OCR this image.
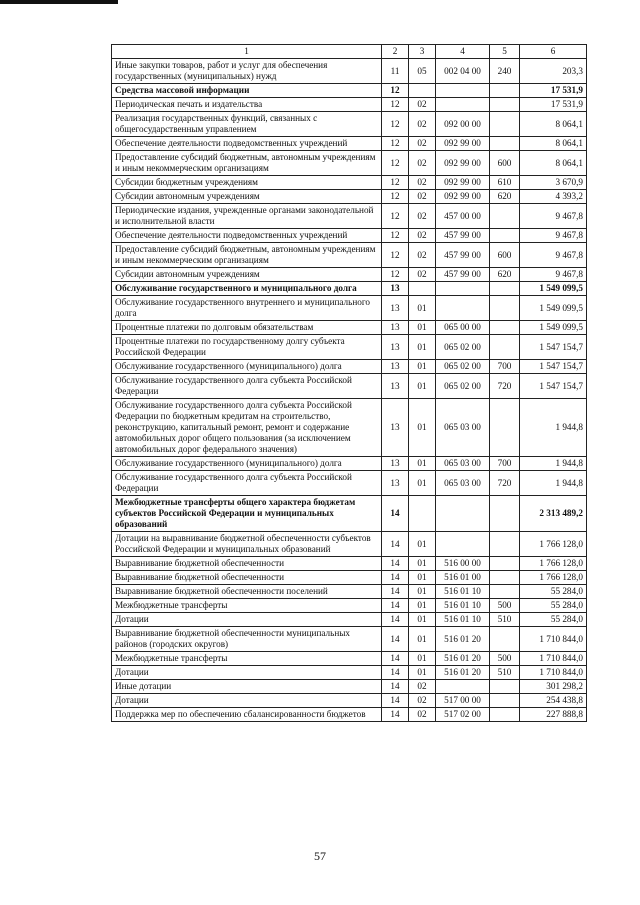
1	2	3	4	5	6
Иные закупки товаров, работ и услуг для обеспечения государственных (муниципальных) нужд	11	05	002 04 00	240	203,3
Средства массовой информации	12				17 531,9
Периодическая печать и издательства	12	02			17 531,9
Реализация государственных функций, связанных с общегосударственным управлением	12	02	092 00 00		8 064,1
Обеспечение деятельности подведомственных учреждений	12	02	092 99 00		8 064,1
Предоставление субсидий бюджетным, автономным учреждениям и иным некоммерческим организациям	12	02	092 99 00	600	8 064,1
Субсидии бюджетным учреждениям	12	02	092 99 00	610	3 670,9
Субсидии автономным учреждениям	12	02	092 99 00	620	4 393,2
Периодические издания, учрежденные органами законодательной и исполнительной власти	12	02	457 00 00		9 467,8
Обеспечение деятельности подведомственных учреждений	12	02	457 99 00		9 467,8
Предоставление субсидий бюджетным, автономным учреждениям и иным некоммерческим организациям	12	02	457 99 00	600	9 467,8
Субсидии автономным учреждениям	12	02	457 99 00	620	9 467,8
Обслуживание государственного и муниципального долга	13				1 549 099,5
Обслуживание государственного внутреннего и муниципального долга	13	01			1 549 099,5
Процентные платежи по долговым обязательствам	13	01	065 00 00		1 549 099,5
Процентные платежи по государственному долгу субъекта Российской Федерации	13	01	065 02 00		1 547 154,7
Обслуживание государственного (муниципального) долга	13	01	065 02 00	700	1 547 154,7
Обслуживание государственного долга субъекта Российской Федерации	13	01	065 02 00	720	1 547 154,7
Обслуживание государственного долга субъекта Российской Федерации по бюджетным кредитам на строительство, реконструкцию, капитальный ремонт, ремонт и содержание автомобильных дорог общего пользования (за исключением автомобильных дорог федерального значения)	13	01	065 03 00		1 944,8
Обслуживание государственного (муниципального) долга	13	01	065 03 00	700	1 944,8
Обслуживание государственного долга субъекта Российской Федерации	13	01	065 03 00	720	1 944,8
Межбюджетные трансферты общего характера бюджетам субъектов Российской Федерации и муниципальных образований	14				2 313 489,2
Дотации на выравнивание бюджетной обеспеченности субъектов Российской Федерации и муниципальных образований	14	01			1 766 128,0
Выравнивание бюджетной обеспеченности	14	01	516 00 00		1 766 128,0
Выравнивание бюджетной обеспеченности	14	01	516 01 00		1 766 128,0
Выравнивание бюджетной обеспеченности поселений	14	01	516 01 10		55 284,0
Межбюджетные трансферты	14	01	516 01 10	500	55 284,0
Дотации	14	01	516 01 10	510	55 284,0
Выравнивание бюджетной обеспеченности муниципальных районов (городских округов)	14	01	516 01 20		1 710 844,0
Межбюджетные трансферты	14	01	516 01 20	500	1 710 844,0
Дотации	14	01	516 01 20	510	1 710 844,0
Иные дотации	14	02			301 298,2
Дотации	14	02	517 00 00		254 438,8
Поддержка мер по обеспечению сбалансированности бюджетов	14	02	517 02 00		227 888,8
57
